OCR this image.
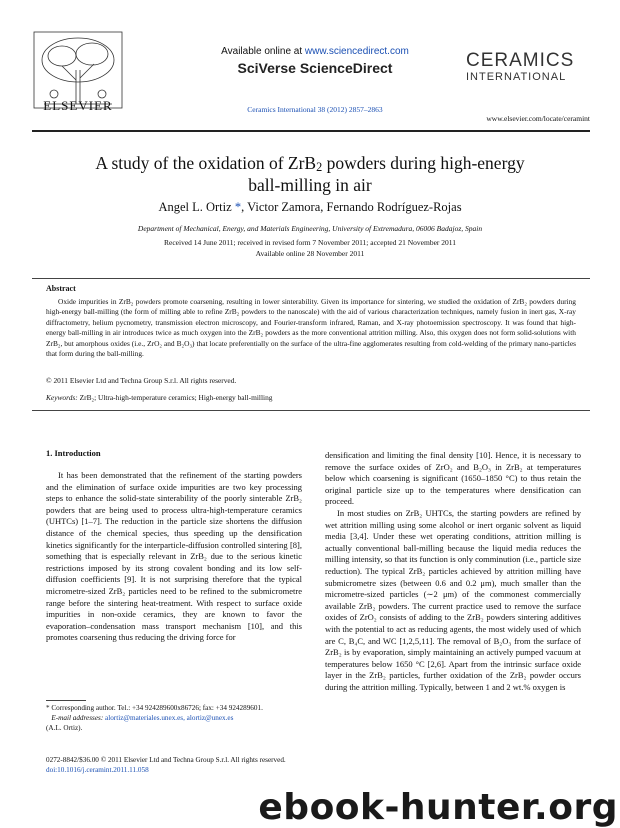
ELSEVIER
Available online at www.sciencedirect.com
SciVerse ScienceDirect	CERAMICS
INTERNATIONAL
Ceramics International 38 (2012) 2857–2863
www.elsevier.com/locate/ceramint
A study of the oxidation of ZrB$_2$ powders during high-energy
ball-milling in air
Angel L. Ortiz *, Victor Zamora, Fernando Rodríguez-Rojas
Department of Mechanical, Energy, and Materials Engineering, University of Extremadura, 06006 Badajoz, Spain
Received 14 June 2011; received in revised form 7 November 2011; accepted 21 November 2011
Available online 28 November 2011
Abstract
Oxide impurities in ZrB₂ powders promote coarsening, resulting in lower sinterability. Given its importance for sintering, we studied the oxidation of ZrB₂ powders during high-energy ball-milling (the form of milling able to refine ZrB₂ powders to the nanoscale) with the aid of various characterization techniques, namely fusion in inert gas, X-ray diffractometry, helium pycnometry, transmission electron microscopy, and Fourier-transform infrared, Raman, and X-ray photoemission spectroscopy. It was found that high-energy ball-milling in air introduces twice as much oxygen into the ZrB₂ powders as the more conventional attrition milling. Also, this oxygen does not form solid-solutions with ZrB₂, but amorphous oxides (i.e., ZrO₂ and B₂O₃) that locate preferentially on the surface of the ultra-fine agglomerates resulting from cold-welding of the primary nano-particles that form during the ball-milling.
© 2011 Elsevier Ltd and Techna Group S.r.l. All rights reserved.
Keywords: ZrB₂; Ultra-high-temperature ceramics; High-energy ball-milling
1. Introduction

It has been demonstrated that the refinement of the starting powders and the elimination of surface oxide impurities are two key processing steps to enhance the solid-state sinterability of the poorly sinterable ZrB₂ powders that are being used to process ultra-high-temperature ceramics (UHTCs) [1–7]. The reduction in the particle size shortens the diffusion distance of the chemical species, thus speeding up the densification kinetics significantly for the interparticle-diffusion controlled sintering [8], something that is especially relevant in ZrB₂ due to the serious kinetic restrictions imposed by its strong covalent bonding and its low self-diffusion coefficients [9]. It is not surprising therefore that the typical micrometre-sized ZrB₂ particles need to be refined to the submicrometre range before the sintering heat-treatment. With respect to surface oxide impurities in non-oxide ceramics, they are known to favor the evaporation–condensation mass transport mechanism [10], and this promotes coarsening thus reducing the driving force for

densification and limiting the final density [10]. Hence, it is necessary to remove the surface oxides of ZrO₂ and B₂O₃ in ZrB₂ at temperatures below which coarsening is significant (1650–1850 °C) to thus retain the original particle size up to the temperatures where densification can proceed.

In most studies on ZrB₂ UHTCs, the starting powders are refined by wet attrition milling using some alcohol or inert organic solvent as liquid media [3,4]. Under these wet operating conditions, attrition milling is actually conventional ball-milling because the liquid media reduces the milling intensity, so that its function is only comminution (i.e., particle size reduction). The typical ZrB₂ particles achieved by attrition milling have submicrometre sizes (between 0.6 and 0.2 μm), much smaller than the micrometre-sized particles (∼2 μm) of the commonest commercially available ZrB₂ powders. The current practice used to remove the surface oxides of ZrO₂ consists of adding to the ZrB₂ powders sintering additives with the potential to act as reducing agents, the most widely used of which are C, B₄C, and WC [1,2,5,11]. The removal of B₂O₃ from the surface of ZrB₂ is by evaporation, simply maintaining an actively pumped vacuum at temperatures below 1650 °C [2,6]. Apart from the intrinsic surface oxide layer in the ZrB₂ particles, further oxidation of the ZrB₂ powder occurs during the attrition milling. Typically, between 1 and 2 wt.% oxygen is

* Corresponding author. Tel.: +34 924289600x86726; fax: +34 924289601.
E-mail addresses: alortiz@materiales.unex.es, alortiz@unex.es
(A.L. Ortiz).
0272-8842/$36.00 © 2011 Elsevier Ltd and Techna Group S.r.l. All rights reserved.
doi:10.1016/j.ceramint.2011.11.058
ebook-hunter.org
